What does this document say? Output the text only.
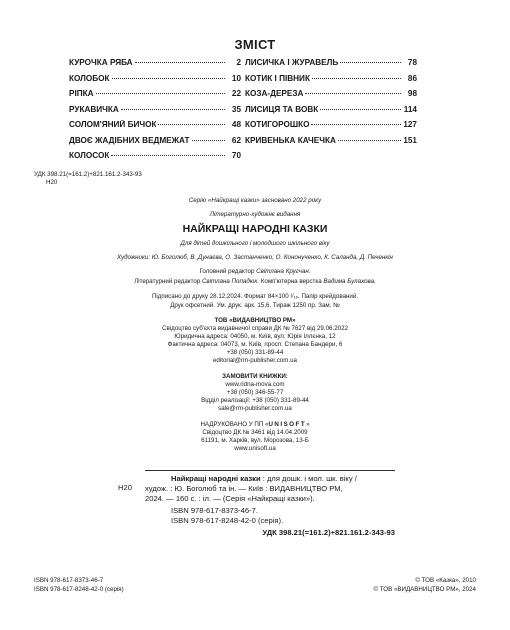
ЗМІСТ
КУРОЧКА РЯБА	2
КОЛОБОК	10
РІПКА	22
РУКАВИЧКА	35
СОЛОМ'ЯНИЙ БИЧОК	48
ДВОЄ ЖАДІБНИХ ВЕДМЕЖАТ	62
КОЛОСОК	70
ЛИСИЧКА І ЖУРАВЕЛЬ	78
КОТИК І ПІВНИК	86
КОЗА-ДЕРЕЗА	98
ЛИСИЦЯ ТА ВОВК	114
КОТИГОРОШКО	127
КРИВЕНЬКА КАЧЕЧКА	151
УДК 398.21(=161.2)+821.161.2-343-93
Н20
Серію «Найкращі казки» засновано 2022 року
Літературно-художнє видання
НАЙКРАЩІ НАРОДНІ КАЗКИ
Для дітей дошкільного і молодшого шкільного віку
Художники: Ю. Боголюб, В. Дунаєва, О. Застанченко, О. Кононученко, К. Саланда, Д. Печенкін
Головний редактор Світлана Кругчан.
Літературний редактор Світлана Попадюк. Комп'ютерна верстка Вадима Булахова.
Підписано до друку 28.12.2024. Формат 84×100 ¹⁄₁₆. Папір крейдований.
Друк офсетний. Ум. друк. арк. 15,6. Тираж 1250 пр. Зам. №
ТОВ «ВИДАВНИЦТВО РМ»
Свідоцтво суб'єкта видавничої справи ДК № 7627 від 29.06.2022
Юридична адреса: 04050, м. Київ, вул. Юрія Іллєнка, 12
Фактична адреса: 04073, м. Київ, просп. Степана Бандери, 6
+38 (050) 331-89-44
editorial@rm-publisher.com.ua
ЗАМОВИТИ КНИЖКИ:
www.ridna-mova.com
+38 (050) 346-55-77
Відділ реалізації: +38 (050) 331-89-44
sale@rm-publisher.com.ua
НАДРУКОВАНО У ПП «UNISOFT»
Свідоцтво ДК № 3461 від 14.04.2009
61191, м. Харків, вул. Морозова, 13-Б
www.unisoft.ua
Н20
Найкращі народні казки : для дошк. і мол. шк. віку /
худож. : Ю. Боголюб та ін. — Київ : ВИДАВНИЦТВО РМ,
2024. — 160 с. : іл. — (Серія «Найкращі казки»).
ISBN 978-617-8373-46-7.
ISBN 978-617-8248-42-0 (серія).
УДК 398.21(=161.2)+821.161.2-343-93
ISBN 978-617-8373-46-7
ISBN 978-617-8248-42-0 (серія)
© ТОВ «Казка», 2010
© ТОВ «ВИДАВНИЦТВО РМ», 2024
